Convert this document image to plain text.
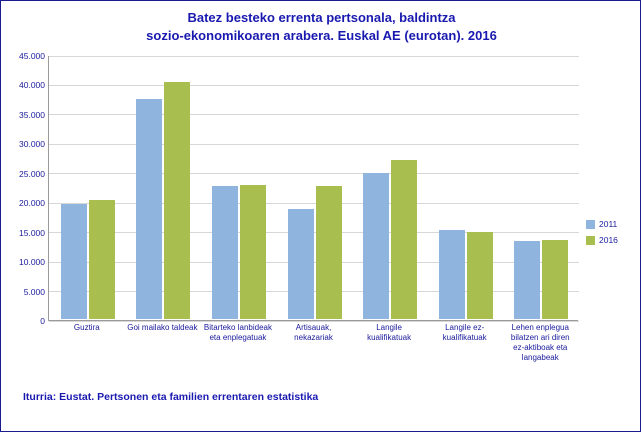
Batez besteko errenta pertsonala, baldintza
sozio-ekonomikoaren arabera. Euskal AE (eurotan). 2016
45.000
40.000
35.000
30.000
25.000
20.000
15.000
10.000
5.000
0
Guztira	Goi mailako taldeak Bitarteko lanbideak eta enplegatuak
Artisauak, nekazariak
Langile kualifikatuak
Langile ez-kualifikatuak
Lehen enplegua bilatzen ari diren ez-aktiboak eta langabeak
2011
2016
Iturria: Eustat. Pertsonen eta familien errentaren estatistika
